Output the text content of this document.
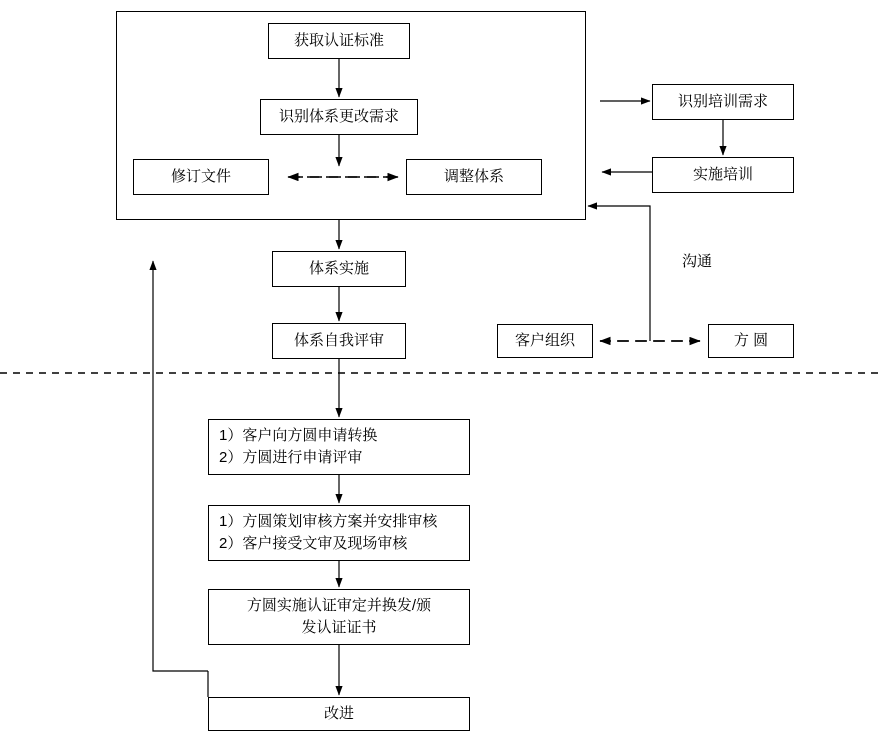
获取认证标准
识别体系更改需求
修订文件	调整体系
体系实施
体系自我评审
识别培训需求
实施培训
客户组织	方 圆
1）客户向方圆申请转换
2）方圆进行申请评审
1）方圆策划审核方案并安排审核
2）客户接受文审及现场审核
方圆实施认证审定并换发/颁
发认证证书
改进
沟通
